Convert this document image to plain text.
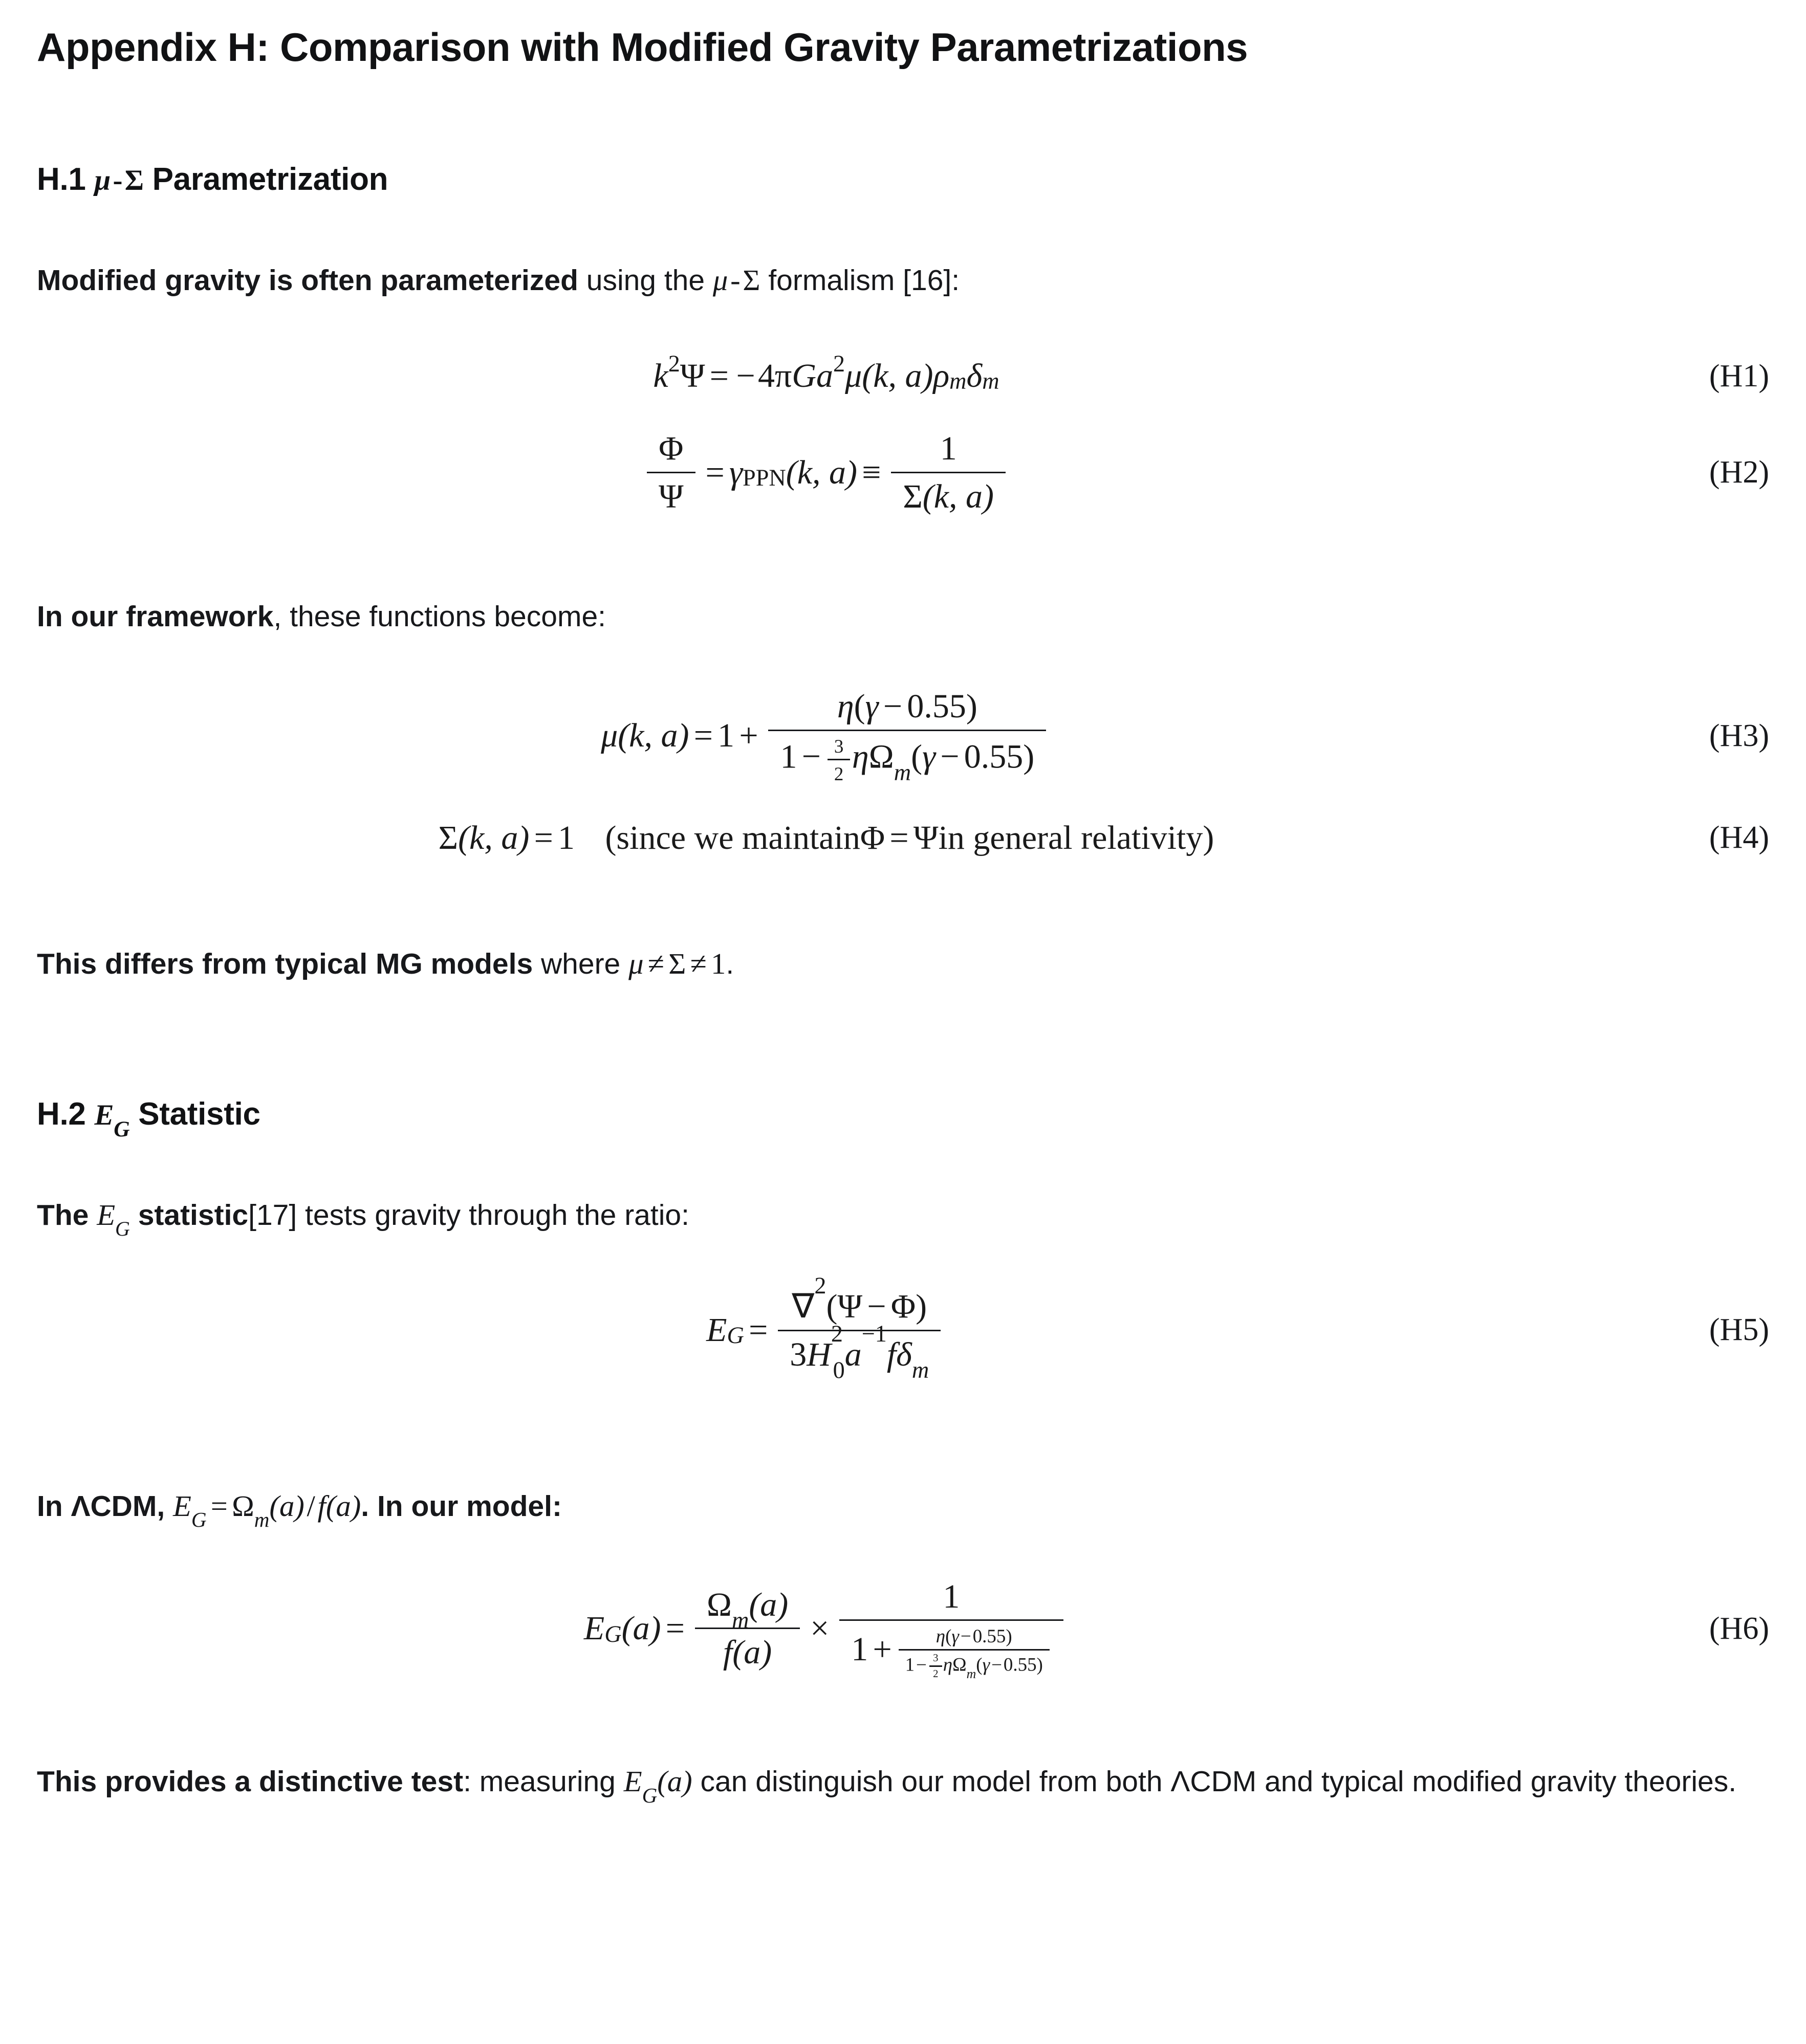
Appendix H: Comparison with Modified Gravity Parametrizations
H.1 μ-Σ Parametrization

Modified gravity is often parameterized using the μ-Σ formalism [16]:

$k^2$ Ψ = − 4 π G $a^2$ μ (k, a) $\rho_m$ $\delta_m$	(H1)
$\frac{\Phi}{\Psi} = \gamma_{PPN}$ (k, $a) \equiv \frac{1}{\Sigma(k, a)}$	(H2)

In our framework, these functions become:

μ (k, $a) = 1 + \frac{\eta(\gamma - 0.55)}{1 - \frac{3}{2} \eta\Omega_m(\gamma - 0.55)}$	(H3)
Σ (k, a) = 1 (since we maintain Φ = Ψ in general relativity)	(H4)

This differs from typical MG models where μ ≠ Σ ≠ 1.

H.2 $E_G$ Statistic

The $E_G$ statistic[17] tests gravity through the ratio:

$E_G = \frac{\nabla^2(\Psi - \Phi)}{3H^2_0a^{-1}f\delta_m}$	(H5)

In ΛCDM, $E_G = \Omega_m(a)/f(a)$. In our model:

$E_G$ $(a) = \frac{\Omega_m(a)}{f(a)}$ ×
1
$1 + \frac{\eta(\gamma-0.55)}{1- \frac{3}{2} \eta\Omega_m(\gamma-0.55)}$	(H6)

This provides a distinctive test: measuring $E_G(a)$ can distinguish our model from both ΛCDM and typical modified gravity theories.
